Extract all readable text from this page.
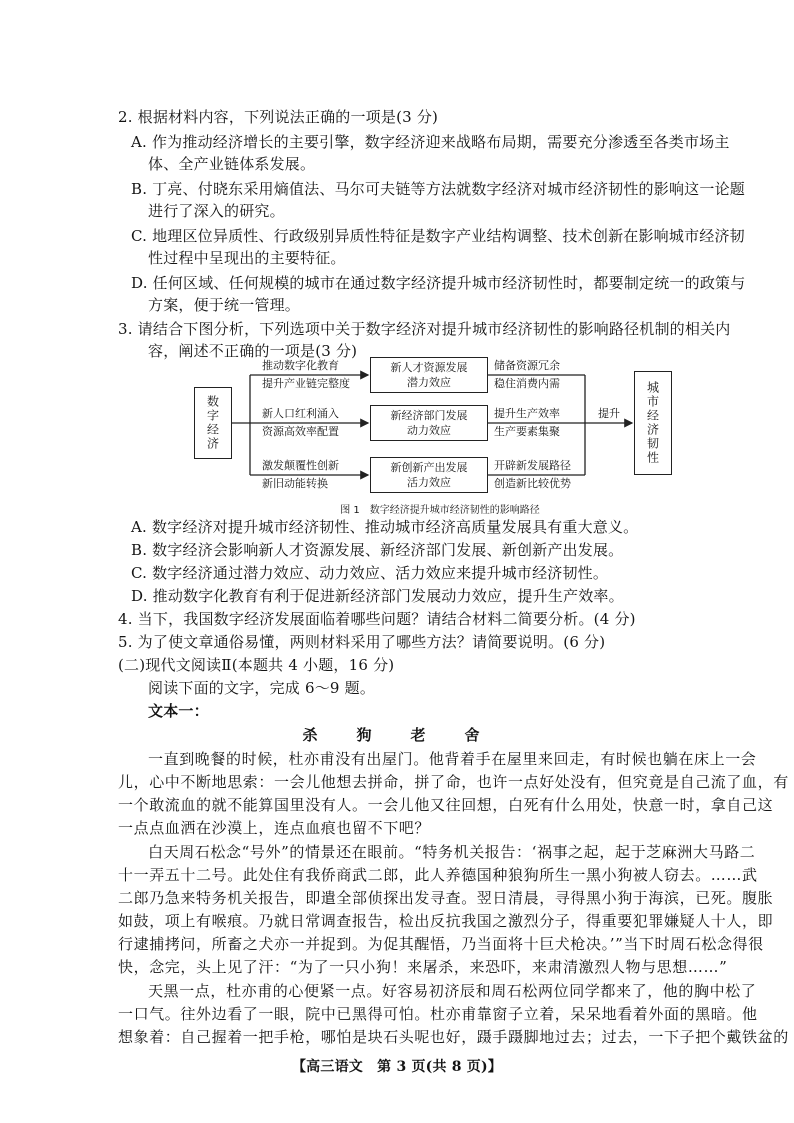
2. 根据材料内容，下列说法正确的一项是(3 分)
A. 作为推动经济增长的主要引擎，数字经济迎来战略布局期，需要充分渗透至各类市场主
体、全产业链体系发展。
B. 丁亮、付晓东采用熵值法、马尔可夫链等方法就数字经济对城市经济韧性的影响这一论题
进行了深入的研究。
C. 地理区位异质性、行政级别异质性特征是数字产业结构调整、技术创新在影响城市经济韧
性过程中呈现出的主要特征。
D. 任何区域、任何规模的城市在通过数字经济提升城市经济韧性时，都要制定统一的政策与
方案，便于统一管理。
3. 请结合下图分析，下列选项中关于数字经济对提升城市经济韧性的影响路径机制的相关内
容，阐述不正确的一项是(3 分)
数字经济	城市经济韧性
推动数字化教育
提升产业链完整度
新人才资源发展
潜力效应
储备资源冗余
稳住消费内需
新人口红利涌入
资源高效率配置
新经济部门发展
动力效应
提升生产效率
生产要素集聚
提升
激发颠覆性创新
新旧动能转换
新创新产出发展
活力效应
开辟新发展路径
创造新比较优势
图 1　数字经济提升城市经济韧性的影响路径
A. 数字经济对提升城市经济韧性、推动城市经济高质量发展具有重大意义。
B. 数字经济会影响新人才资源发展、新经济部门发展、新创新产出发展。
C. 数字经济通过潜力效应、动力效应、活力效应来提升城市经济韧性。
D. 推动数字化教育有利于促进新经济部门发展动力效应，提升生产效率。
4. 当下，我国数字经济发展面临着哪些问题？请结合材料二简要分析。(4 分)
5. 为了使文章通俗易懂，两则材料采用了哪些方法？请简要说明。(6 分)
(二)现代文阅读Ⅱ(本题共 4 小题，16 分)
阅读下面的文字，完成 6～9 题。
文本一：
杀　狗　老　舍
一直到晚餐的时候，杜亦甫没有出屋门。他背着手在屋里来回走，有时候也躺在床上一会
儿，心中不断地思索：一会儿他想去拼命，拼了命，也许一点好处没有，但究竟是自己流了血，有
一个敢流血的就不能算国里没有人。一会儿他又往回想，白死有什么用处，快意一时，拿自己这
一点点血洒在沙漠上，连点血痕也留不下吧？
白天周石松念“号外”的情景还在眼前。“特务机关报告：‘祸事之起，起于芝麻洲大马路二
十一弄五十二号。此处住有我侨商武二郎，此人养德国种狼狗所生一黑小狗被人窃去。……武
二郎乃急来特务机关报告，即遣全部侦探出发寻查。翌日清晨，寻得黑小狗于海滨，已死。腹胀
如鼓，项上有喉痕。乃就日常调查报告，检出反抗我国之激烈分子，得重要犯罪嫌疑人十人，即
行逮捕拷问，所畜之犬亦一并捉到。为促其醒悟，乃当面将十巨犬枪决。’”当下时周石松念得很
快，念完，头上见了汗：“为了一只小狗！来屠杀，来恐吓，来肃清激烈人物与思想……”
天黑一点，杜亦甫的心便紧一点。好容易初济辰和周石松两位同学都来了，他的胸中松了
一口气。往外边看了一眼，院中已黑得可怕。杜亦甫靠窗子立着，呆呆地看着外面的黑暗。他
想象着：自己握着一把手枪，哪怕是块石头呢也好，蹑手蹑脚地过去；过去，一下子把个戴铁盆的
【高三语文　第 3 页(共 8 页)】
